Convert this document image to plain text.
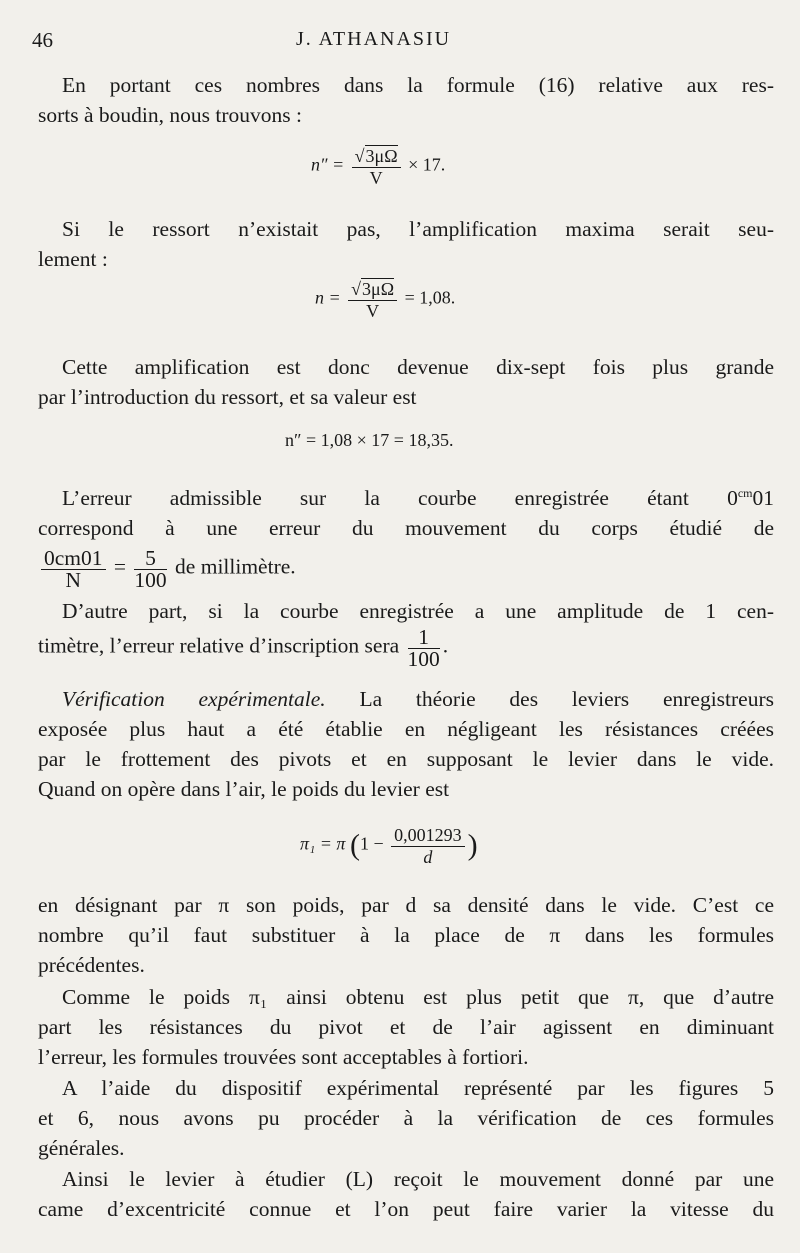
46	J. ATHANASIU
En portant ces nombres dans la formule (16) relative aux res-
sorts à boudin, nous trouvons :
$n'' = \frac{√3\mu\Omega}{V} \times 17$.
Si le ressort n’existait pas, l’amplification maxima serait seu-
lement :
$n = \frac{√3\mu\Omega}{V} = 1,08$.
Cette amplification est donc devenue dix-sept fois plus grande
par l’introduction du ressort, et sa valeur est
n″ = 1,08 × 17 = 18,35.
L’erreur admissible sur la courbe enregistrée étant $0^{cm}01$
correspond à une erreur du mouvement du corps étudié de
$\frac{0cm01}{N} = \frac{5}{100}$ de millimètre.
D’autre part, si la courbe enregistrée a une amplitude de 1 cen-
timètre, l’erreur relative d’inscription sera $\frac{1}{100}$ .
Vérification expérimentale. La théorie des leviers enregistreurs
exposée plus haut a été établie en négligeant les résistances créées
par le frottement des pivots et en supposant le levier dans le vide.
Quand on opère dans l’air, le poids du levier est
π₁ = π ($1 - \frac{0,001293}{d}$ )
en désignant par π son poids, par d sa densité dans le vide. C’est ce
nombre qu’il faut substituer à la place de π dans les formules
précédentes.
Comme le poids π₁ ainsi obtenu est plus petit que π, que d’autre
part les résistances du pivot et de l’air agissent en diminuant
l’erreur, les formules trouvées sont acceptables à fortiori.
A l’aide du dispositif expérimental représenté par les figures 5
et 6, nous avons pu procéder à la vérification de ces formules
générales.
Ainsi le levier à étudier (L) reçoit le mouvement donné par une
came d’excentricité connue et l’on peut faire varier la vitesse du
